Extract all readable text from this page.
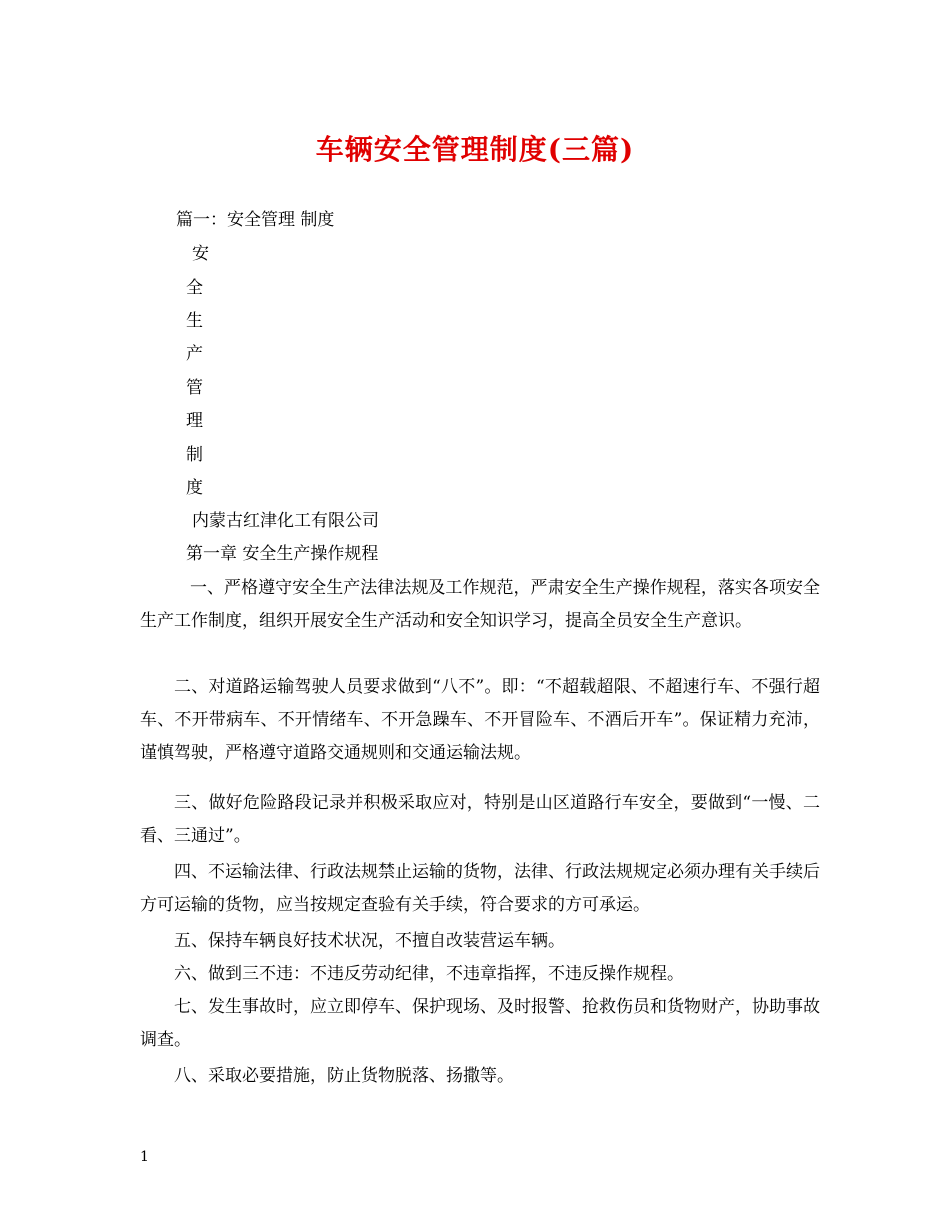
车辆安全管理制度(三篇)
篇一：安全管理 制度
安
全
生
产
管
理
制
度
内蒙古红津化工有限公司
第一章 安全生产操作规程

一、严格遵守安全生产法律法规及工作规范，严肃安全生产操作规程，落实各项安全生产工作制度，组织开展安全生产活动和安全知识学习，提高全员安全生产意识。

二、对道路运输驾驶人员要求做到“八不”。即：“不超载超限、不超速行车、不强行超车、不开带病车、不开情绪车、不开急躁车、不开冒险车、不酒后开车”。保证精力充沛，谨慎驾驶，严格遵守道路交通规则和交通运输法规。

三、做好危险路段记录并积极采取应对，特别是山区道路行车安全，要做到“一慢、二看、三通过”。

四、不运输法律、行政法规禁止运输的货物，法律、行政法规规定必须办理有关手续后方可运输的货物，应当按规定查验有关手续，符合要求的方可承运。

五、保持车辆良好技术状况，不擅自改装营运车辆。

六、做到三不违：不违反劳动纪律，不违章指挥，不违反操作规程。

七、发生事故时，应立即停车、保护现场、及时报警、抢救伤员和货物财产，协助事故调查。

八、采取必要措施，防止货物脱落、扬撒等。

1
